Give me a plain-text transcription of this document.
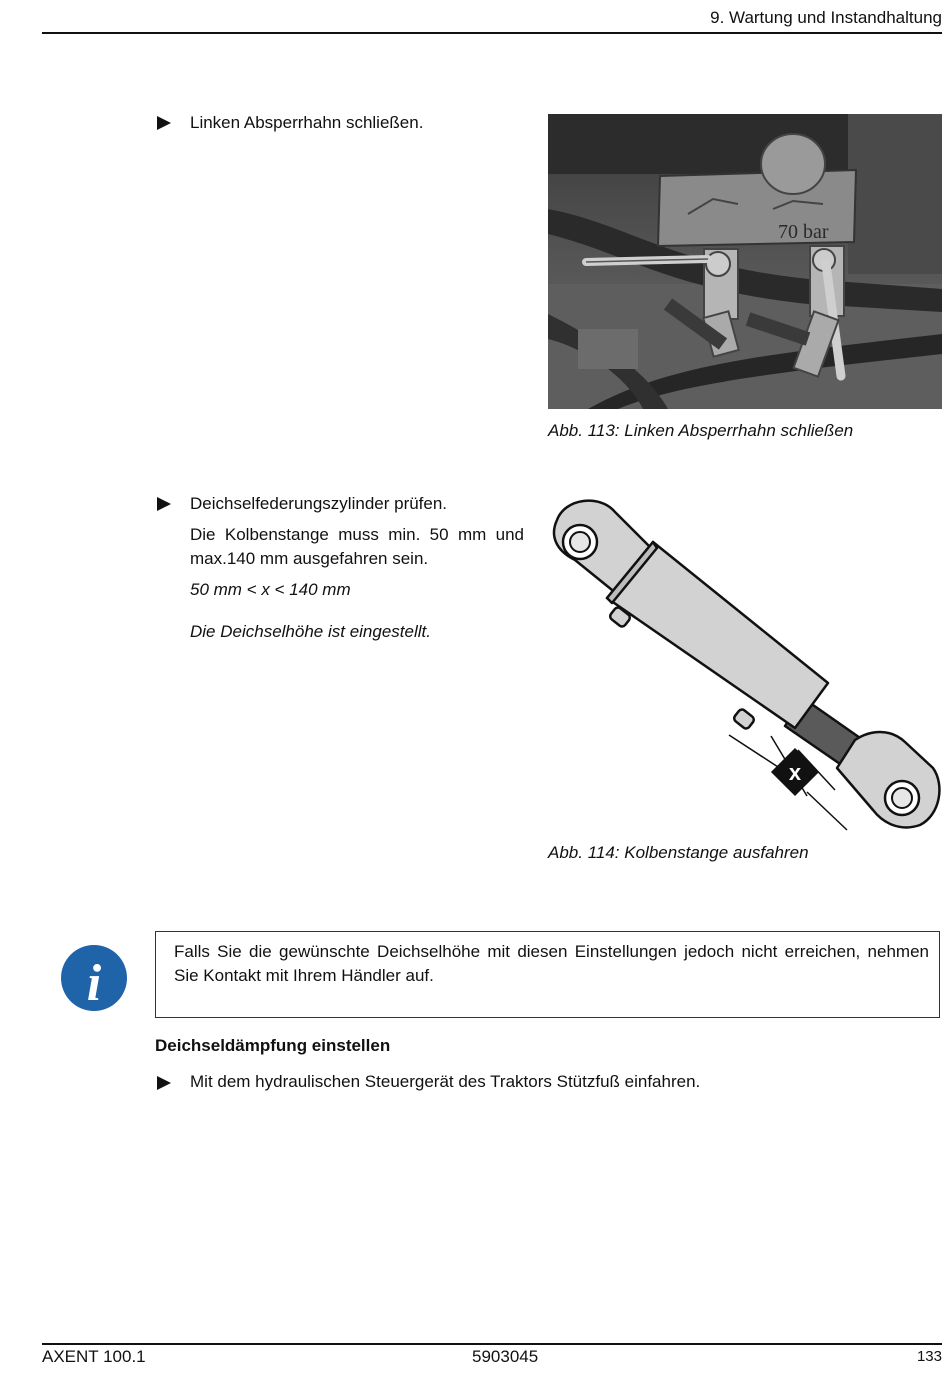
9. Wartung und Instandhaltung
Linken Absperrhahn schließen.
70 bar
Abb. 113: Linken Absperrhahn schließen
Deichselfederungszylinder prüfen.
Die Kolbenstange muss min. 50 mm und max.140 mm ausgefahren sein.
50 mm < x < 140 mm
Die Deichselhöhe ist eingestellt.
x
Abb. 114: Kolbenstange ausfahren
i
Falls Sie die gewünschte Deichselhöhe mit diesen Einstellungen jedoch nicht erreichen, nehmen Sie Kontakt mit Ihrem Händler auf.
Deichseldämpfung einstellen
Mit dem hydraulischen Steuergerät des Traktors Stützfuß einfahren.
AXENT 100.1	5903045	133
